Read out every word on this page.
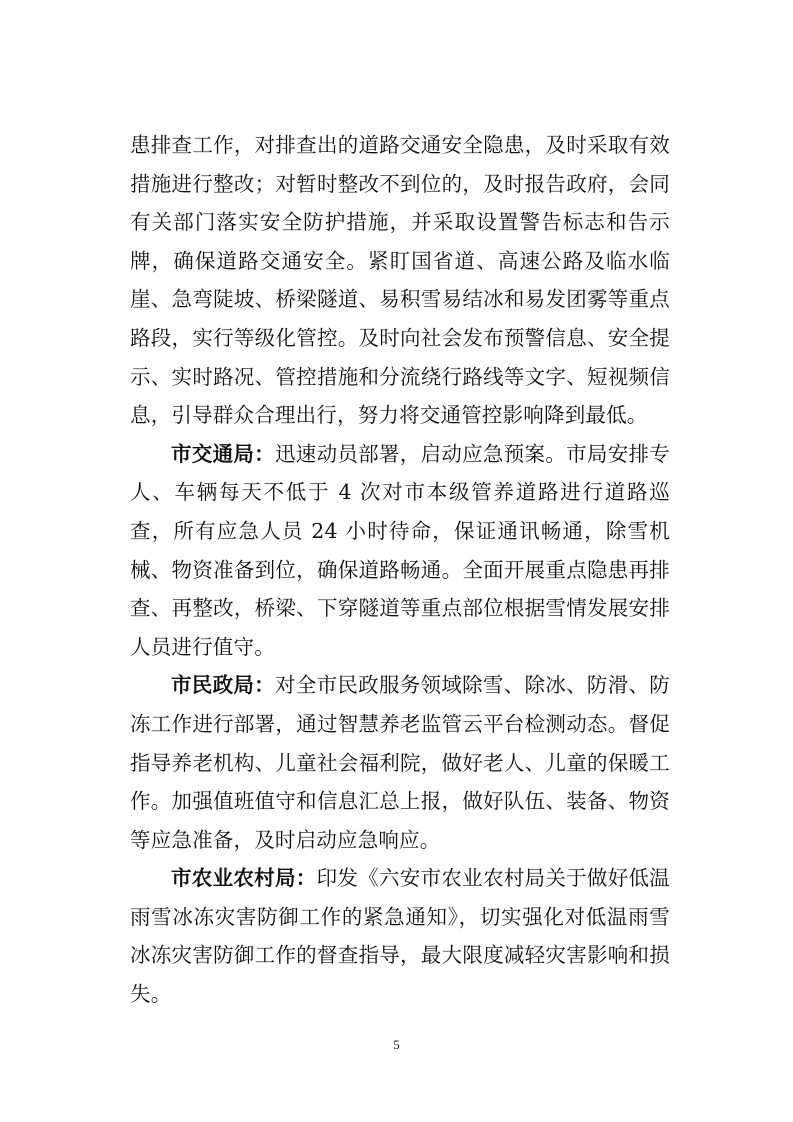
患排查工作，对排查出的道路交通安全隐患，及时采取有效措施进行整改；对暂时整改不到位的，及时报告政府，会同有关部门落实安全防护措施，并采取设置警告标志和告示牌，确保道路交通安全。紧盯国省道、高速公路及临水临崖、急弯陡坡、桥梁隧道、易积雪易结冰和易发团雾等重点路段，实行等级化管控。及时向社会发布预警信息、安全提示、实时路况、管控措施和分流绕行路线等文字、短视频信息，引导群众合理出行，努力将交通管控影响降到最低。

市交通局：迅速动员部署，启动应急预案。市局安排专人、车辆每天不低于 4 次对市本级管养道路进行道路巡查，所有应急人员 24 小时待命，保证通讯畅通，除雪机械、物资准备到位，确保道路畅通。全面开展重点隐患再排查、再整改，桥梁、下穿隧道等重点部位根据雪情发展安排人员进行值守。

市民政局：对全市民政服务领域除雪、除冰、防滑、防冻工作进行部署，通过智慧养老监管云平台检测动态。督促指导养老机构、儿童社会福利院，做好老人、儿童的保暖工作。加强值班值守和信息汇总上报，做好队伍、装备、物资等应急准备，及时启动应急响应。

市农业农村局：印发《六安市农业农村局关于做好低温雨雪冰冻灾害防御工作的紧急通知》，切实强化对低温雨雪冰冻灾害防御工作的督查指导，最大限度减轻灾害影响和损失。

5
